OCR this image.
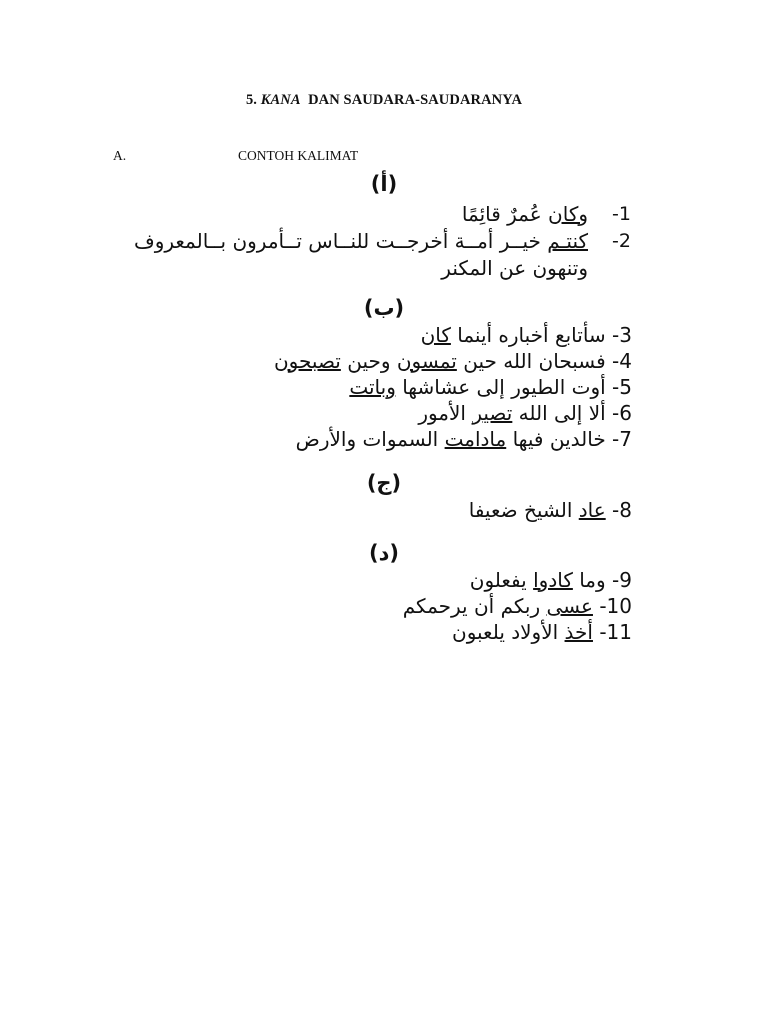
5. KANA DAN SAUDARA-SAUDARANYA
A.	CONTOH KALIMAT
(أ)
وكان عُمرٌ قائِمًا	-1
كنتـم خيــر أمــة أخرجــت للنــاس تــأمرون بــالمعروف	-2
وتنهون عن المكنر
(ب)
3- سأتابع أخباره أينما كان
4- فسبحان الله حين تمسون وحين تصبحون
5- أوت الطيور إلى عشاشها وباتت
6- ألا إلى الله تصير الأمور
7- خالدين فيها مادامت السموات والأرض
(ج)
8- عاد الشيخ ضعيفا
(د)
9- وما كادوا يفعلون
10- عسى ربكم أن يرحمكم
11- أخذ الأولاد يلعبون
